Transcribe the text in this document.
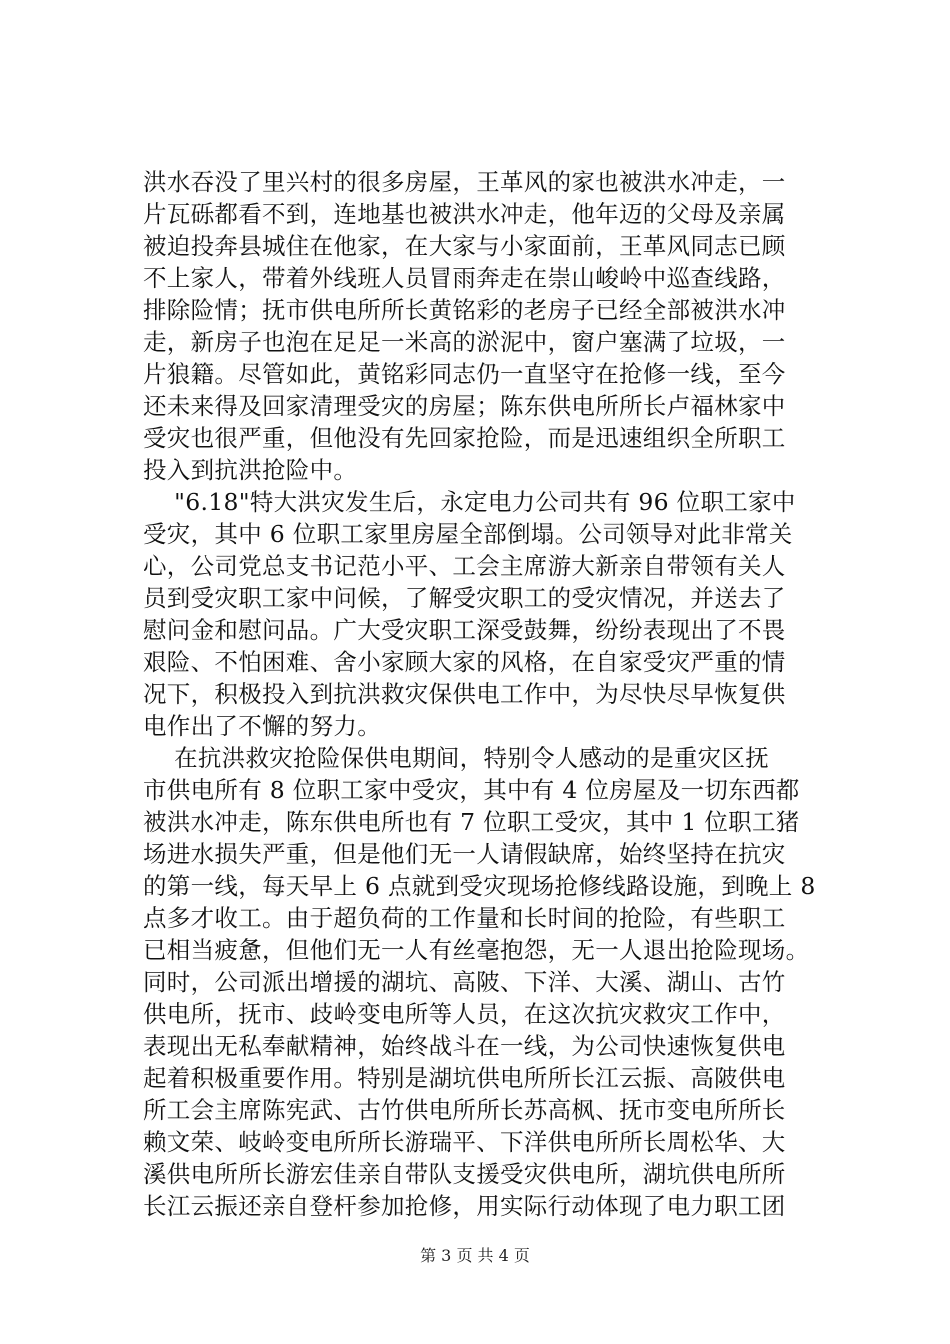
洪水吞没了里兴村的很多房屋，王革风的家也被洪水冲走，一
片瓦砾都看不到，连地基也被洪水冲走，他年迈的父母及亲属
被迫投奔县城住在他家，在大家与小家面前，王革风同志已顾
不上家人，带着外线班人员冒雨奔走在崇山峻岭中巡查线路，
排除险情；抚市供电所所长黄铭彩的老房子已经全部被洪水冲
走，新房子也泡在足足一米高的淤泥中，窗户塞满了垃圾，一
片狼籍。尽管如此，黄铭彩同志仍一直坚守在抢修一线，至今
还未来得及回家清理受灾的房屋；陈东供电所所长卢福林家中
受灾也很严重，但他没有先回家抢险，而是迅速组织全所职工
投入到抗洪抢险中。
"6.18"特大洪灾发生后，永定电力公司共有 96 位职工家中
受灾，其中 6 位职工家里房屋全部倒塌。公司领导对此非常关
心，公司党总支书记范小平、工会主席游大新亲自带领有关人
员到受灾职工家中问候，了解受灾职工的受灾情况，并送去了
慰问金和慰问品。广大受灾职工深受鼓舞，纷纷表现出了不畏
艰险、不怕困难、舍小家顾大家的风格，在自家受灾严重的情
况下，积极投入到抗洪救灾保供电工作中，为尽快尽早恢复供
电作出了不懈的努力。
在抗洪救灾抢险保供电期间，特别令人感动的是重灾区抚
市供电所有 8 位职工家中受灾，其中有 4 位房屋及一切东西都
被洪水冲走，陈东供电所也有 7 位职工受灾，其中 1 位职工猪
场进水损失严重，但是他们无一人请假缺席，始终坚持在抗灾
的第一线，每天早上 6 点就到受灾现场抢修线路设施，到晚上 8
点多才收工。由于超负荷的工作量和长时间的抢险，有些职工
已相当疲惫，但他们无一人有丝毫抱怨，无一人退出抢险现场。
同时，公司派出增援的湖坑、高陂、下洋、大溪、湖山、古竹
供电所，抚市、歧岭变电所等人员，在这次抗灾救灾工作中，
表现出无私奉献精神，始终战斗在一线，为公司快速恢复供电
起着积极重要作用。特别是湖坑供电所所长江云振、高陂供电
所工会主席陈宪武、古竹供电所所长苏高枫、抚市变电所所长
赖文荣、岐岭变电所所长游瑞平、下洋供电所所长周松华、大
溪供电所所长游宏佳亲自带队支援受灾供电所，湖坑供电所所
长江云振还亲自登杆参加抢修，用实际行动体现了电力职工团
第 3 页 共 4 页
